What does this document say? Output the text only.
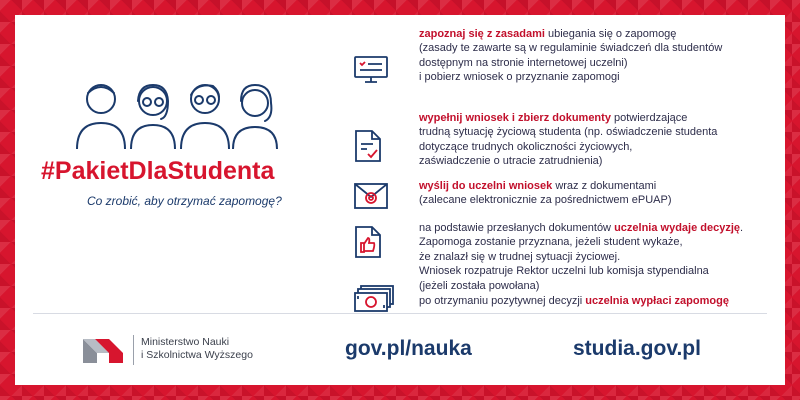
#PakietDlaStudenta
Co zrobić, aby otrzymać zapomogę?
zapoznaj się z zasadami ubiegania się o zapomogę
(zasady te zawarte są w regulaminie świadczeń dla studentów
dostępnym na stronie internetowej uczelni)
i pobierz wniosek o przyznanie zapomogi
wypełnij wniosek i zbierz dokumenty potwierdzające
trudną sytuację życiową studenta (np. oświadczenie studenta
dotyczące trudnych okoliczności życiowych,
zaświadczenie o utracie zatrudnienia)
wyślij do uczelni wniosek wraz z dokumentami
(zalecane elektronicznie za pośrednictwem ePUAP)
na podstawie przesłanych dokumentów uczelnia wydaje decyzję.
Zapomoga zostanie przyznana, jeżeli student wykaże,
że znalazł się w trudnej sytuacji życiowej.
Wniosek rozpatruje Rektor uczelni lub komisja stypendialna
(jeżeli została powołana)
po otrzymaniu pozytywnej decyzji uczelnia wypłaci zapomogę
Ministerstwo Nauki
i Szkolnictwa Wyższego	gov.pl/nauka	studia.gov.pl
